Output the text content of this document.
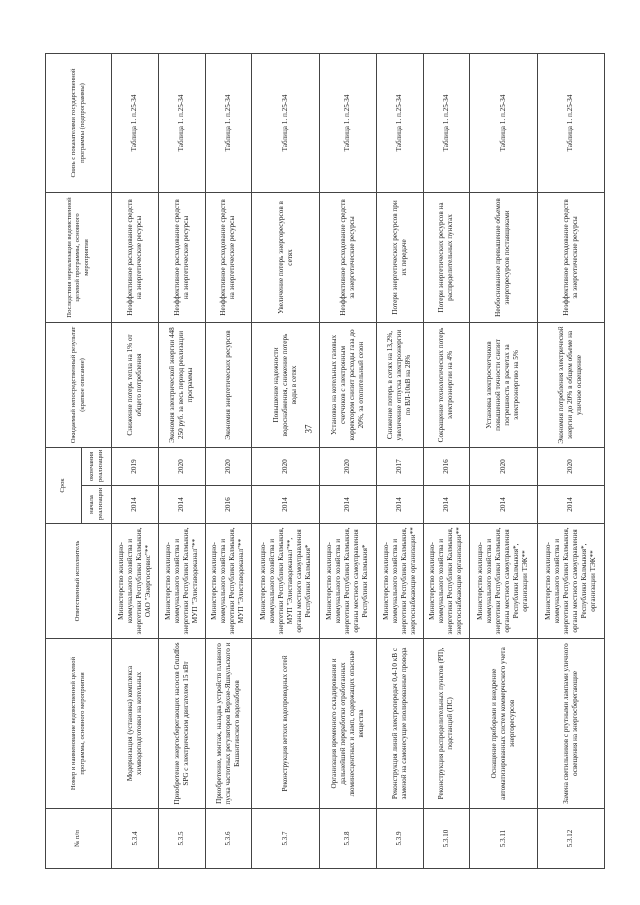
37
№ п/п	Номер и наименование ведомственной целевой программы, основного мероприятия	Ответственный исполнитель	Срок		Ожидаемый непосредственный результат (краткое описание)	Последствия нереализации ведомственной целевой программы, основного мероприятия	Связь с показателями государственной программы (подпрограммы)
			начала реализации	окончания реализации			
5.3.4	Модернизация (установка) комплекса химводоподготовки на котельных	Министерство жилищно-коммунального хозяйства и энергетики Республики Калмыкия, ОАО "Энергосервис"**	2014	2019	Снижение потерь тепла на 1% от общего потребления	Неэффективное расходование средств на энергетические ресурсы	Таблица 1. п.25-34
5.3.5	Приобретение энергосберегающих насосов Grundfos SPG с электрическим двигателем 15 кВт	Министерство жилищно-коммунального хозяйства и энергетики Республики Калмыкия, МУП "Элиставодоканал"**	2014	2020	Экономия электрической энергии 448 250 руб. за весь период реализации программы	Неэффективное расходование средств на энергетические ресурсы	Таблица 1. п.25-34
5.3.6	Приобретение, монтаж, наладка устройств плавного пуска частотных регуляторов Верхне-Яшкульского и Башантинского водозаборов	Министерство жилищно-коммунального хозяйства и энергетики Республики Калмыкия, МУП "Элиставодоканал"**	2016	2020	Экономия энергетических ресурсов	Неэффективное расходование средств на энергетические ресурсы	Таблица 1. п.25-34
5.3.7	Реконструкция ветхих водопроводных сетей	Министерство жилищно-коммунального хозяйства и энергетики Республики Калмыкия, МУП "Элиставодоканал"**, органы местного самоуправления Республики Калмыкия*	2014	2020	Повышение надежности водоснабжения, снижение потерь воды в сетях	Увеличение потерь энергоресурсов в сетях	Таблица 1. п.25-34
5.3.8	Организация временного складирования и дальнейшей переработки отработанных люминесцентных и ламп, содержащих опасные вещества	Министерство жилищно-коммунального хозяйства и энергетики Республики Калмыкия, органы местного самоуправления Республики Калмыкия*	2014	2020	Установка на котельных газовых счетчиков с электронным корректором снизит расходы газа до 20%, за отопительный сезон	Неэффективное расходование средств за энергетические ресурсы	Таблица 1. п.25-34
5.3.9	Реконструкция линий электропередач 0,4-10 кВ с заменой на самонесущие изолированные провода	Министерство жилищно-коммунального хозяйства и энергетики Республики Калмыкия, энергоснабжающие организации**	2014	2017	Снижение потерь в сетях на 13,2%, увеличение отпуска электроэнергии по ВЛ-10кВ на 28%	Потери энергетических ресурсов при их передаче	Таблица 1. п.25-34
5.3.10	Реконструкция распределительных пунктов (РП), подстанций (ПС)	Министерство жилищно-коммунального хозяйства и энергетики Республики Калмыкия, энергоснабжающие организации**	2014	2016	Сокращение технологических потерь электроэнергии на 4%	Потери энергетических ресурсов на распределительных пунктах	Таблица 1. п.25-34
5.3.11	Оснащение приборами и внедрение автоматизированных систем коммерческого учета энергоресурсов	Министерство жилищно-коммунального хозяйства и энергетики Республики Калмыкия, органы местного самоуправления Республики Калмыкия*, организации ТЭК**	2014	2020	Установка электросчетчиков повышенной точности снизит погрешность в расчетах за электроэнергию на 5%	Необоснованное превышение объемов энергоресурсов поставщиками	Таблица 1. п.25-34
5.3.12	Замена светильников с ртутными лампами уличного освещения на энергосберегающие	Министерство жилищно-коммунального хозяйства и энергетики Республики Калмыкия, органы местного самоуправления Республики Калмыкия*, организации ТЭК**	2014	2020	Экономия потребления электрической энергии до 20% в общем объеме на уличное освещение	Неэффективное расходование средств за энергетические ресурсы	Таблица 1. п.25-34
